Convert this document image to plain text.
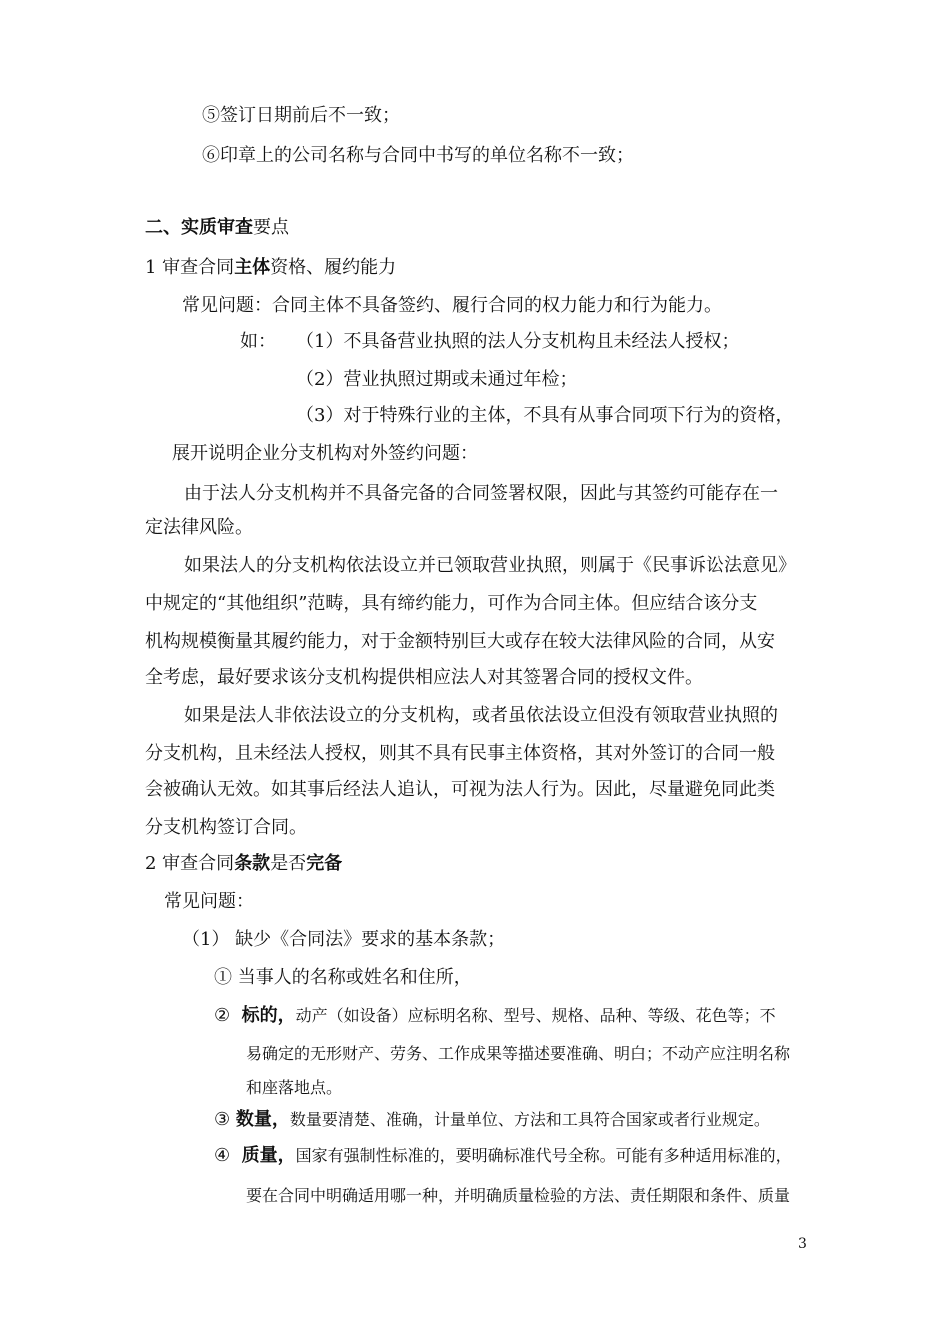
⑤签订日期前后不一致；
⑥印章上的公司名称与合同中书写的单位名称不一致；
二、实质审查要点
1 审查合同主体资格、履约能力
常见问题：合同主体不具备签约、履行合同的权力能力和行为能力。
如： （1）不具备营业执照的法人分支机构且未经法人授权；
（2）营业执照过期或未通过年检；
（3）对于特殊行业的主体，不具有从事合同项下行为的资格，
展开说明企业分支机构对外签约问题：
由于法人分支机构并不具备完备的合同签署权限，因此与其签约可能存在一
定法律风险。
如果法人的分支机构依法设立并已领取营业执照，则属于《民事诉讼法意见》
中规定的“其他组织”范畴，具有缔约能力，可作为合同主体。但应结合该分支
机构规模衡量其履约能力，对于金额特别巨大或存在较大法律风险的合同，从安
全考虑，最好要求该分支机构提供相应法人对其签署合同的授权文件。
如果是法人非依法设立的分支机构，或者虽依法设立但没有领取营业执照的
分支机构，且未经法人授权，则其不具有民事主体资格，其对外签订的合同一般
会被确认无效。如其事后经法人追认，可视为法人行为。因此，尽量避免同此类
分支机构签订合同。
2 审查合同条款是否完备
常见问题：
（1） 缺少《合同法》要求的基本条款；
① 当事人的名称或姓名和住所，
② 标的，动产（如设备）应标明名称、型号、规格、品种、等级、花色等；不
易确定的无形财产、劳务、工作成果等描述要准确、明白；不动产应注明名称
和座落地点。
③ 数量，数量要清楚、准确，计量单位、方法和工具符合国家或者行业规定。
④ 质量，国家有强制性标准的，要明确标准代号全称。可能有多种适用标准的，
要在合同中明确适用哪一种，并明确质量检验的方法、责任期限和条件、质量
3
